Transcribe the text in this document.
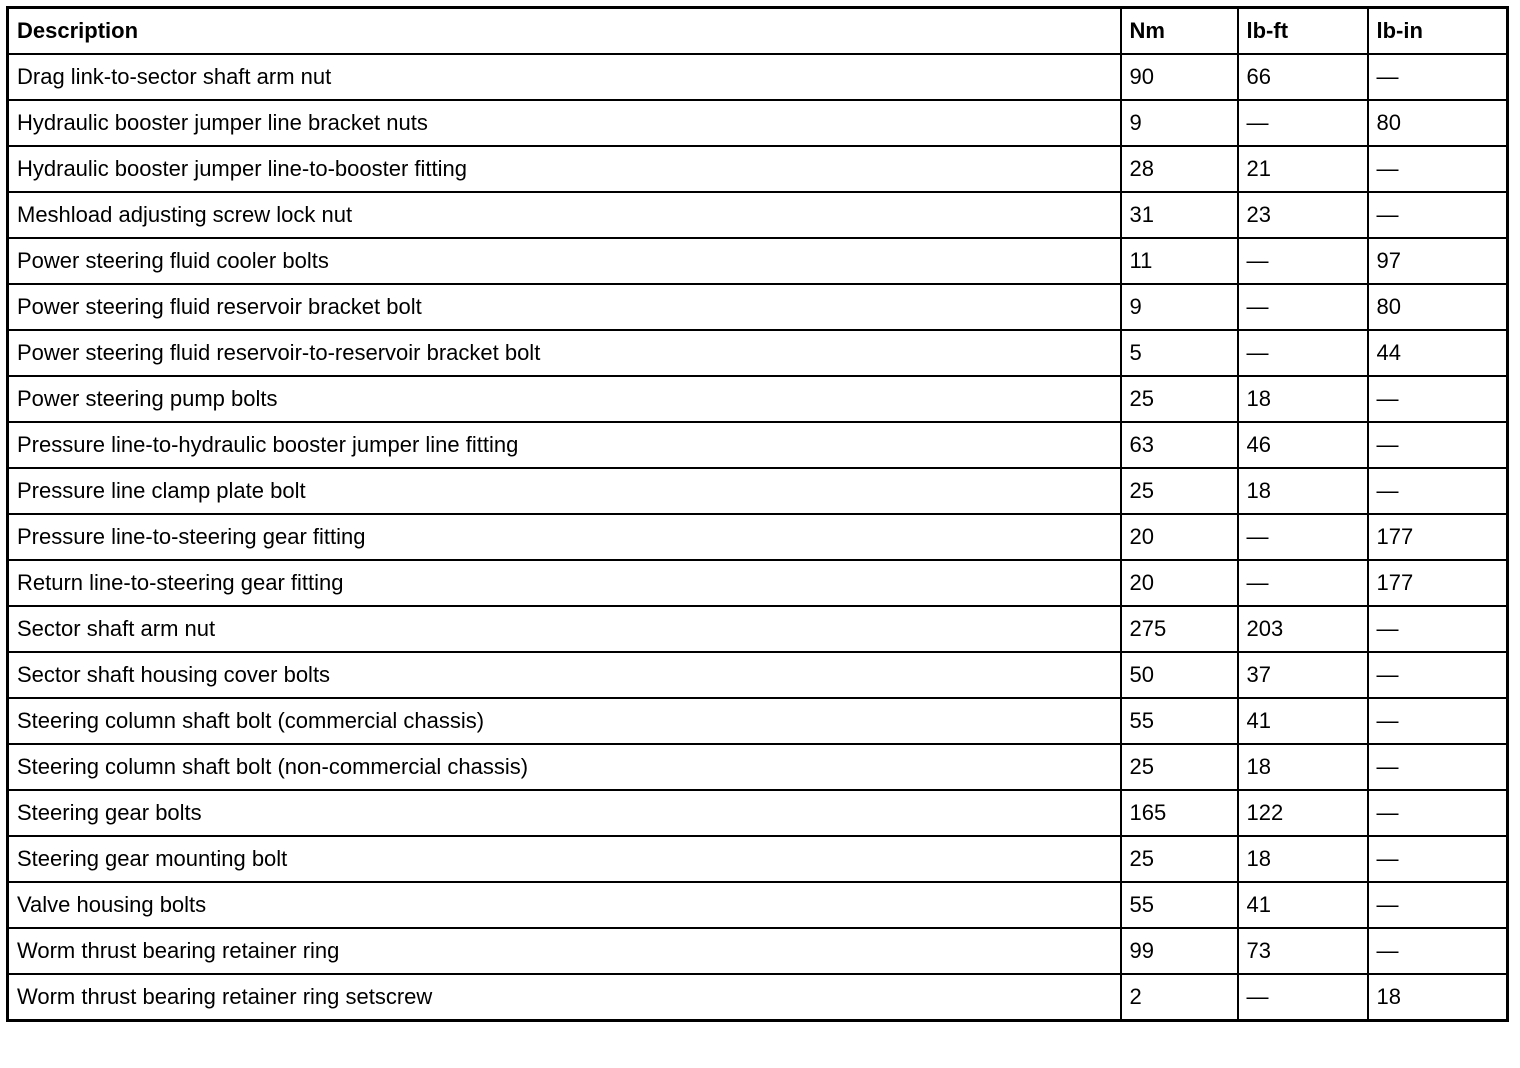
Description	Nm	lb-ft	lb-in
Drag link-to-sector shaft arm nut	90	66	—
Hydraulic booster jumper line bracket nuts	9	—	80
Hydraulic booster jumper line-to-booster fitting	28	21	—
Meshload adjusting screw lock nut	31	23	—
Power steering fluid cooler bolts	11	—	97
Power steering fluid reservoir bracket bolt	9	—	80
Power steering fluid reservoir-to-reservoir bracket bolt	5	—	44
Power steering pump bolts	25	18	—
Pressure line-to-hydraulic booster jumper line fitting	63	46	—
Pressure line clamp plate bolt	25	18	—
Pressure line-to-steering gear fitting	20	—	177
Return line-to-steering gear fitting	20	—	177
Sector shaft arm nut	275	203	—
Sector shaft housing cover bolts	50	37	—
Steering column shaft bolt (commercial chassis)	55	41	—
Steering column shaft bolt (non-commercial chassis)	25	18	—
Steering gear bolts	165	122	—
Steering gear mounting bolt	25	18	—
Valve housing bolts	55	41	—
Worm thrust bearing retainer ring	99	73	—
Worm thrust bearing retainer ring setscrew	2	—	18
